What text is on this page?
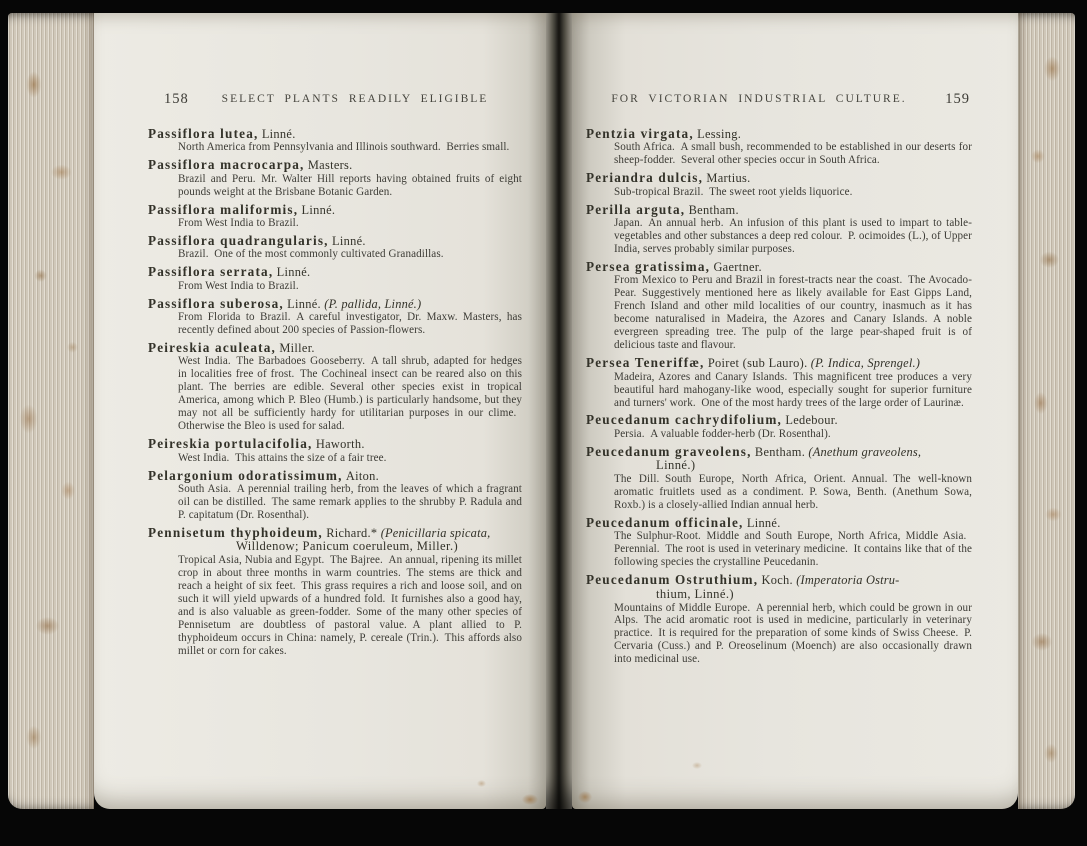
158	SELECT PLANTS READILY ELIGIBLE
Passiflora lutea, Linné.
North America from Pennsylvania and Illinois southward. Berries small.
Passiflora macrocarpa, Masters.
Brazil and Peru. Mr. Walter Hill reports having obtained fruits of eight pounds weight at the Brisbane Botanic Garden.
Passiflora maliformis, Linné.
From West India to Brazil.
Passiflora quadrangularis, Linné.
Brazil. One of the most commonly cultivated Granadillas.
Passiflora serrata, Linné.
From West India to Brazil.
Passiflora suberosa, Linné. (P. pallida, Linné.)
From Florida to Brazil. A careful investigator, Dr. Maxw. Masters, has recently defined about 200 species of Passion-flowers.
Peireskia aculeata, Miller.
West India. The Barbadoes Gooseberry. A tall shrub, adapted for hedges in localities free of frost. The Cochineal insect can be reared also on this plant. The berries are edible. Several other species exist in tropical America, among which P. Bleo (Humb.) is particularly handsome, but they may not all be sufficiently hardy for utilitarian purposes in our clime. Otherwise the Bleo is used for salad.
Peireskia portulacifolia, Haworth.
West India. This attains the size of a fair tree.
Pelargonium odoratissimum, Aiton.
South Asia. A perennial trailing herb, from the leaves of which a fragrant oil can be distilled. The same remark applies to the shrubby P. Radula and P. capitatum (Dr. Rosenthal).
Pennisetum thyphoideum, Richard.* (Penicillaria spicata,
Willdenow; Panicum coeruleum, Miller.)
Tropical Asia, Nubia and Egypt. The Bajree. An annual, ripening its millet crop in about three months in warm countries. The stems are thick and reach a height of six feet. This grass requires a rich and loose soil, and on such it will yield upwards of a hundred fold. It furnishes also a good hay, and is also valuable as green-fodder. Some of the many other species of Pennisetum are doubtless of pastoral value. A plant allied to P. thyphoideum occurs in China: namely, P. cereale (Trin.). This affords also millet or corn for cakes.
FOR VICTORIAN INDUSTRIAL CULTURE.	159
Pentzia virgata, Lessing.
South Africa. A small bush, recommended to be established in our deserts for sheep-fodder. Several other species occur in South Africa.
Periandra dulcis, Martius.
Sub-tropical Brazil. The sweet root yields liquorice.
Perilla arguta, Bentham.
Japan. An annual herb. An infusion of this plant is used to impart to table-vegetables and other substances a deep red colour. P. ocimoides (L.), of Upper India, serves probably similar purposes.
Persea gratissima, Gaertner.
From Mexico to Peru and Brazil in forest-tracts near the coast. The Avocado-Pear. Suggestively mentioned here as likely available for East Gipps Land, French Island and other mild localities of our country, inasmuch as it has become naturalised in Madeira, the Azores and Canary Islands. A noble evergreen spreading tree. The pulp of the large pear-shaped fruit is of delicious taste and flavour.
Persea Teneriffæ, Poiret (sub Lauro). (P. Indica, Sprengel.)
Madeira, Azores and Canary Islands. This magnificent tree produces a very beautiful hard mahogany-like wood, especially sought for superior furniture and turners' work. One of the most hardy trees of the large order of Laurinæ.
Peucedanum cachrydifolium, Ledebour.
Persia. A valuable fodder-herb (Dr. Rosenthal).
Peucedanum graveolens, Bentham. (Anethum graveolens,
Linné.)
The Dill. South Europe, North Africa, Orient. Annual. The well-known aromatic fruitlets used as a condiment. P. Sowa, Benth. (Anethum Sowa, Roxb.) is a closely-allied Indian annual herb.
Peucedanum officinale, Linné.
The Sulphur-Root. Middle and South Europe, North Africa, Middle Asia. Perennial. The root is used in veterinary medicine. It contains like that of the following species the crystalline Peucedanin.
Peucedanum Ostruthium, Koch. (Imperatoria Ostru-
thium, Linné.)
Mountains of Middle Europe. A perennial herb, which could be grown in our Alps. The acid aromatic root is used in medicine, particularly in veterinary practice. It is required for the preparation of some kinds of Swiss Cheese. P. Cervaria (Cuss.) and P. Oreoselinum (Moench) are also occasionally drawn into medicinal use.
